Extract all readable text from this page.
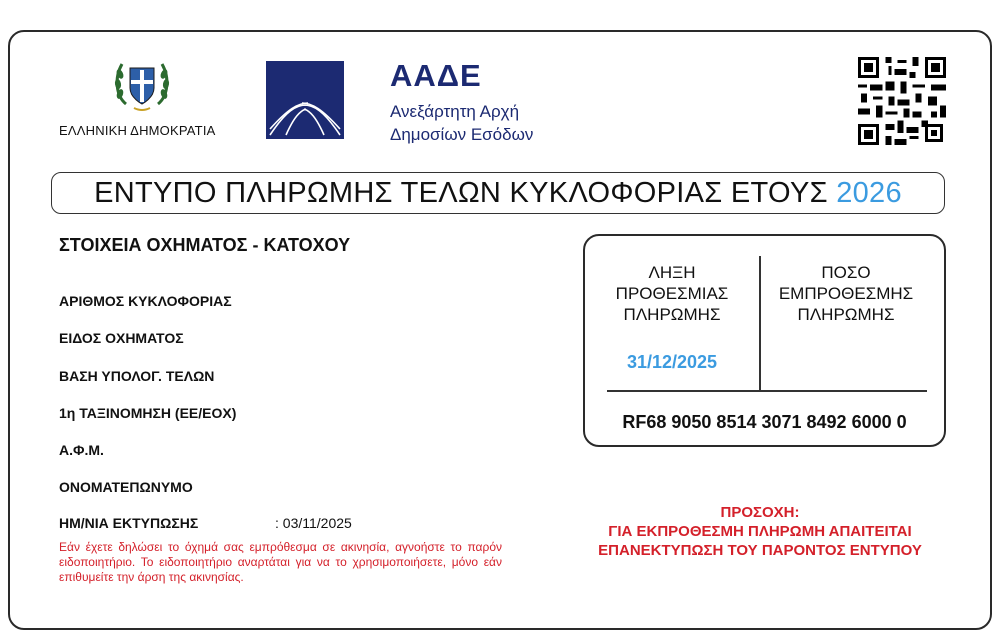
ΕΛΛΗΝΙΚΗ ΔΗΜΟΚΡΑΤΙΑ
ΑΑΔΕ
Ανεξάρτητη Αρχή
Δημοσίων Εσόδων
ΕΝΤΥΠΟ ΠΛΗΡΩΜΗΣ ΤΕΛΩΝ ΚΥΚΛΟΦΟΡΙΑΣ ΕΤΟΥΣ 2026
ΣΤΟΙΧΕΙΑ ΟΧΗΜΑΤΟΣ - ΚΑΤΟΧΟΥ
ΑΡΙΘΜΟΣ ΚΥΚΛΟΦΟΡΙΑΣ
ΕΙΔΟΣ ΟΧΗΜΑΤΟΣ
ΒΑΣΗ ΥΠΟΛΟΓ. ΤΕΛΩΝ
1η ΤΑΞΙΝΟΜΗΣΗ (ΕΕ/ΕΟΧ)
Α.Φ.Μ.
ΟΝΟΜΑΤΕΠΩΝΥΜΟ
ΗΜ/ΝΙΑ ΕΚΤΥΠΩΣΗΣ	: 03/11/2025
Εάν έχετε δηλώσει το όχημά σας εμπρόθεσμα σε ακινησία, αγνοήστε το παρόν ειδοποιητήριο. Το ειδοποιητήριο αναρτάται για να το χρησιμοποιήσετε, μόνο εάν επιθυμείτε την άρση της ακινησίας.
ΛΗΞΗ
ΠΡΟΘΕΣΜΙΑΣ
ΠΛΗΡΩΜΗΣ
ΠΟΣΟ
ΕΜΠΡΟΘΕΣΜΗΣ
ΠΛΗΡΩΜΗΣ
31/12/2025
RF68 9050 8514 3071 8492 6000 0
ΠΡΟΣΟΧΗ:
ΓΙΑ ΕΚΠΡΟΘΕΣΜΗ ΠΛΗΡΩΜΗ ΑΠΑΙΤΕΙΤΑΙ
ΕΠΑΝΕΚΤΥΠΩΣΗ ΤΟΥ ΠΑΡΟΝΤΟΣ ΕΝΤΥΠΟΥ
